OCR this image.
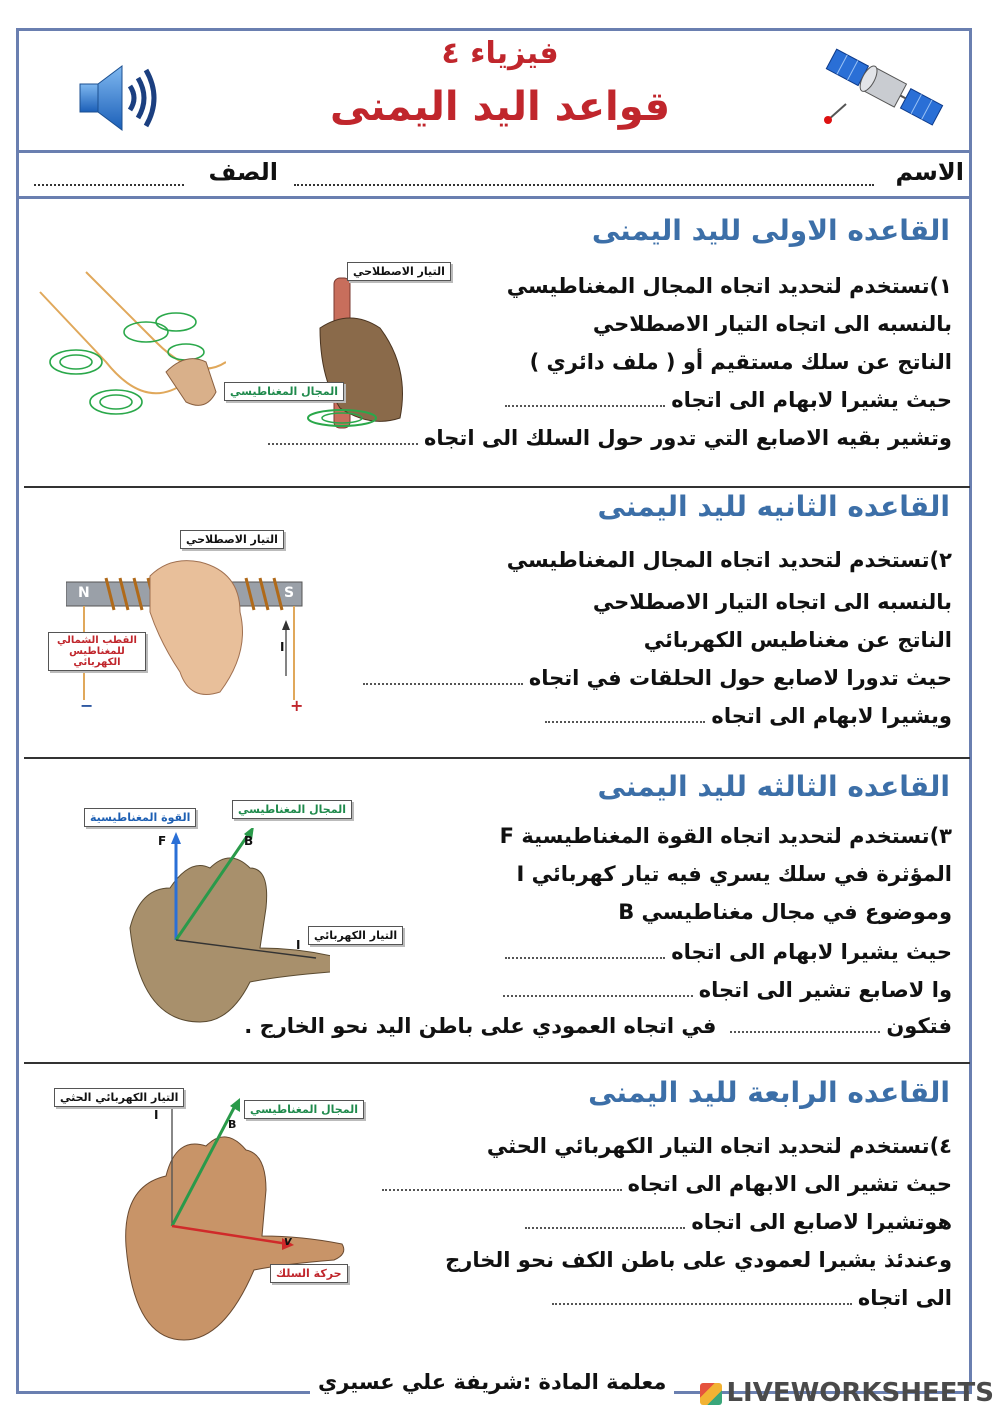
فيزياء ٤
قواعد اليد اليمنى
الاسم
الصف
القاعده الاولى لليد اليمنى
١)تستخدم لتحديد اتجاه المجال المغناطيسي
بالنسبه الى اتجاه التيار الاصطلاحي
الناتج عن سلك مستقيم أو ( ملف دائري )
حيث يشيرا لابهام الى اتجاه
وتشير بقيه الاصابع التي تدور حول السلك الى اتجاه
التيار الاصطلاحي
المجال المغناطيسي
القاعده الثانيه لليد اليمنى
٢)تستخدم لتحديد اتجاه المجال المغناطيسي
بالنسبه الى اتجاه التيار الاصطلاحي
الناتج عن مغناطيس الكهربائي
حيث تدورا لاصابع حول الحلقات في اتجاه
ويشيرا لابهام الى اتجاه
N	S
I
−	+
التيار الاصطلاحي
القطب الشمالي للمغناطيس الكهربائي
القاعده الثالثه لليد اليمنى
٣)تستخدم لتحديد اتجاه القوة المغناطيسية F
المؤثرة في سلك يسري فيه تيار كهربائي I
وموضوع في مجال مغناطيسي B
حيث يشيرا لابهام الى اتجاه
وا لاصابع تشير الى اتجاه
فتكونفي اتجاه العمودي على باطن اليد نحو الخارج .
F	B
I
القوة المغناطيسية
المجال المغناطيسي
التيار الكهربائي
القاعده الرابعة لليد اليمنى
٤)تستخدم لتحديد اتجاه التيار الكهربائي الحثي
حيث تشير الى الابهام الى اتجاه
هوتشيرا لاصابع الى اتجاه
وعندئذ يشيرا لعمودي على باطن الكف نحو الخارج
الى اتجاه
I
B
v
التيار الكهربائي الحثي
المجال المغناطيسي
حركة السلك
معلمة المادة :شريفة علي عسيري	LIVEWORKSHEETS
